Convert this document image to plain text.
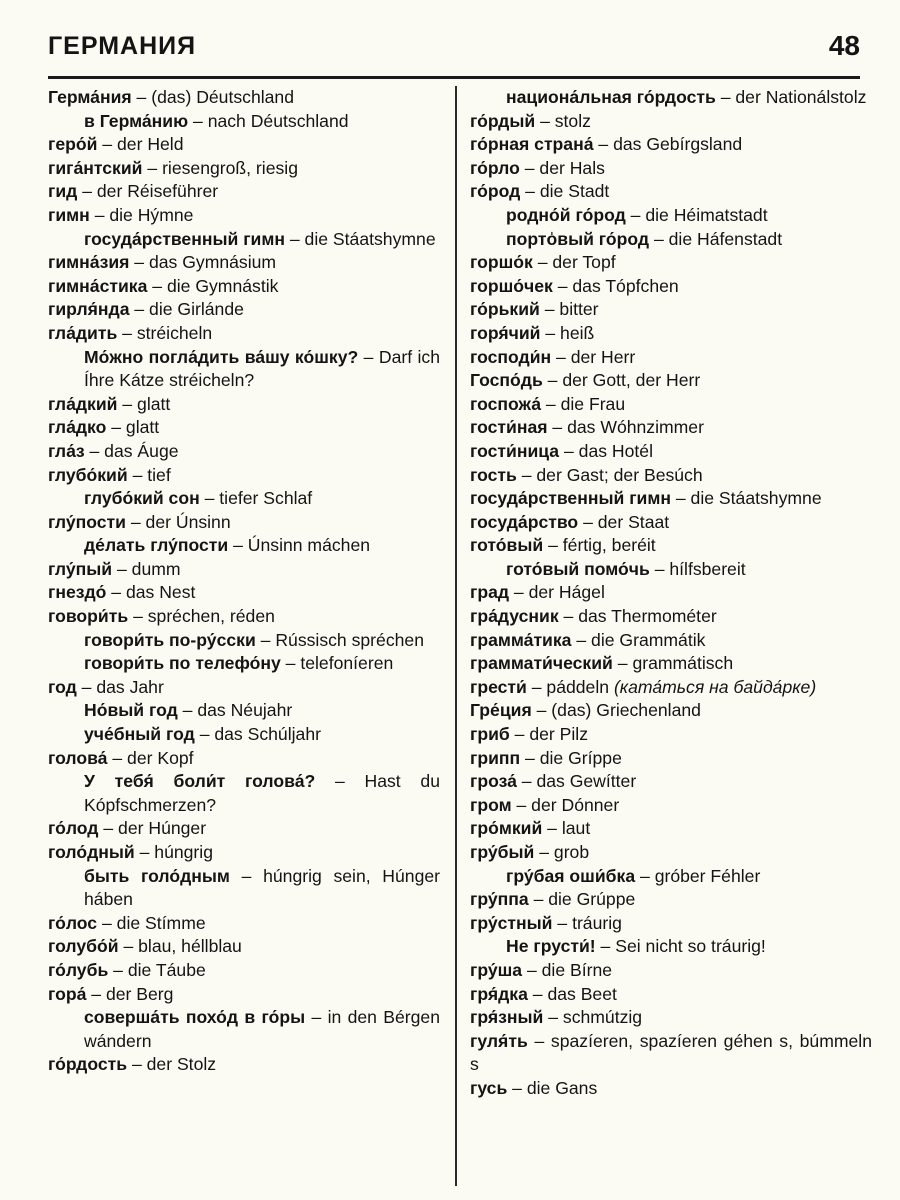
ГЕРМАНИЯ	48
Герма́ния – (das) Déutschland
в Герма́нию – nach Déutschland
геро́й – der Held
гига́нтский – riesengroß, riesig
гид – der Réiseführer
гимн – die Hýmne
госуда́рственный гимн – die Stáatshymne
гимна́зия – das Gymnásium
гимна́стика – die Gymnástik
гирля́нда – die Girlánde
гла́дить – stréicheln
Мо́жно погла́дить ва́шу ко́шку? – Darf ich Íhre Kátze stréicheln?
гла́дкий – glatt
гла́дко – glatt
гла́з – das Áuge
глубо́кий – tief
глубо́кий сон – tiefer Schlaf
глу́пости – der Únsinn
де́лать глу́пости – Únsinn máchen
глу́пый – dumm
гнездо́ – das Nest
говори́ть – spréchen, réden
говори́ть по-ру́сски – Rússisch spréchen
говори́ть по телефо́ну – telefoníeren
год – das Jahr
Но́вый год – das Néujahr
уче́бный год – das Schúljahr
голова́ – der Kopf
У тебя́ боли́т голова́? – Hast du Kópfschmerzen?
го́лод – der Húnger
голо́дный – húngrig
быть голо́дным – húngrig sein, Húnger háben
го́лос – die Stímme
голубо́й – blau, héllblau
го́лубь – die Táube
гора́ – der Berg
соверша́ть похо́д в го́ры – in den Bérgen wándern
го́рдость – der Stolz
национа́льная го́рдость – der Nationálstolz
го́рдый – stolz
го́рная страна́ – das Gebírgsland
го́рло – der Hals
го́род – die Stadt
родно́й го́род – die Héimatstadt
портo̍вый го́род – die Háfenstadt
горшо́к – der Topf
горшо́чек – das Tópfchen
го́рький – bitter
горя́чий – heiß
господи́н – der Herr
Госпо́дь – der Gott, der Herr
госпожа́ – die Frau
гости́ная – das Wóhnzimmer
гости́ница – das Hotél
гость – der Gast; der Besúch
госуда́рственный гимн – die Stáatshymne
госуда́рство – der Staat
гото́вый – fértig, beréit
гото́вый помо́чь – hílfsbereit
град – der Hágel
гра́дусник – das Thermométer
грамма́тика – die Grammátik
граммати́ческий – grammátisch
грести́ – páddeln (ката́ться на байда́рке)
Гре́ция – (das) Griechenland
гриб – der Pilz
грипп – die Gríppe
гроза́ – das Gewítter
гром – der Dónner
гро́мкий – laut
гру́бый – grob
гру́бая оши́бка – gróber Féhler
гру́ппа – die Grúppe
гру́стный – tráurig
Не грусти́! – Sei nicht so tráurig!
гру́ша – die Bírne
гря́дка – das Beet
гря́зный – schmútzig
гуля́ть – spazíeren, spazíeren géhen s, búmmeln s
гусь – die Gans
